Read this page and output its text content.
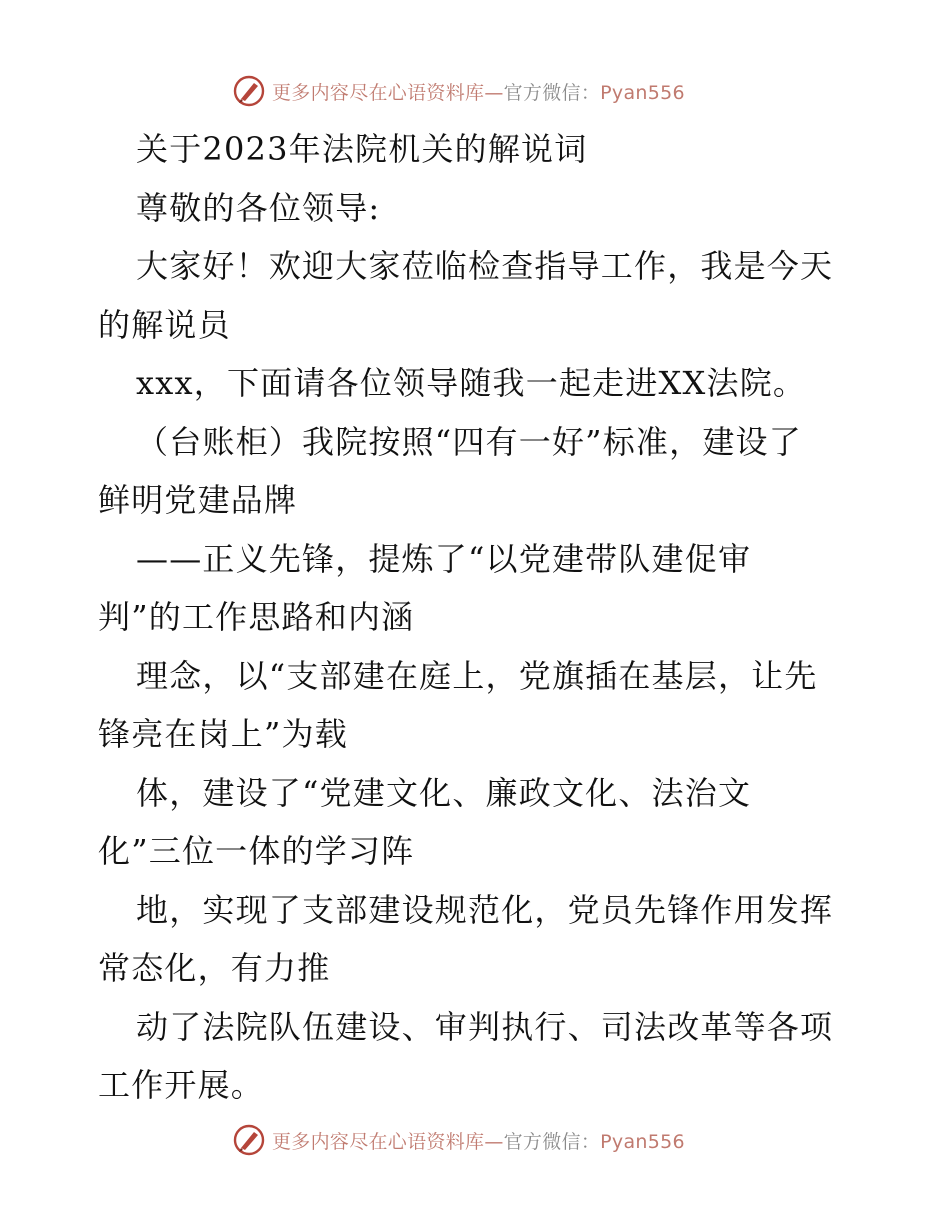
更多内容尽在心语资料库—官方微信：Pyan556

关于2023年法院机关的解说词

尊敬的各位领导:

大家好！欢迎大家莅临检查指导工作，我是今天

的解说员

xxx，下面请各位领导随我一起走进XX法院。

（台账柜）我院按照“四有一好”标准，建设了

鲜明党建品牌

——正义先锋，提炼了“以党建带队建促审

判”的工作思路和内涵

理念，以“支部建在庭上，党旗插在基层，让先

锋亮在岗上”为载

体，建设了“党建文化、廉政文化、法治文

化”三位一体的学习阵

地，实现了支部建设规范化，党员先锋作用发挥

常态化，有力推

动了法院队伍建设、审判执行、司法改革等各项

工作开展。

更多内容尽在心语资料库—官方微信：Pyan556
